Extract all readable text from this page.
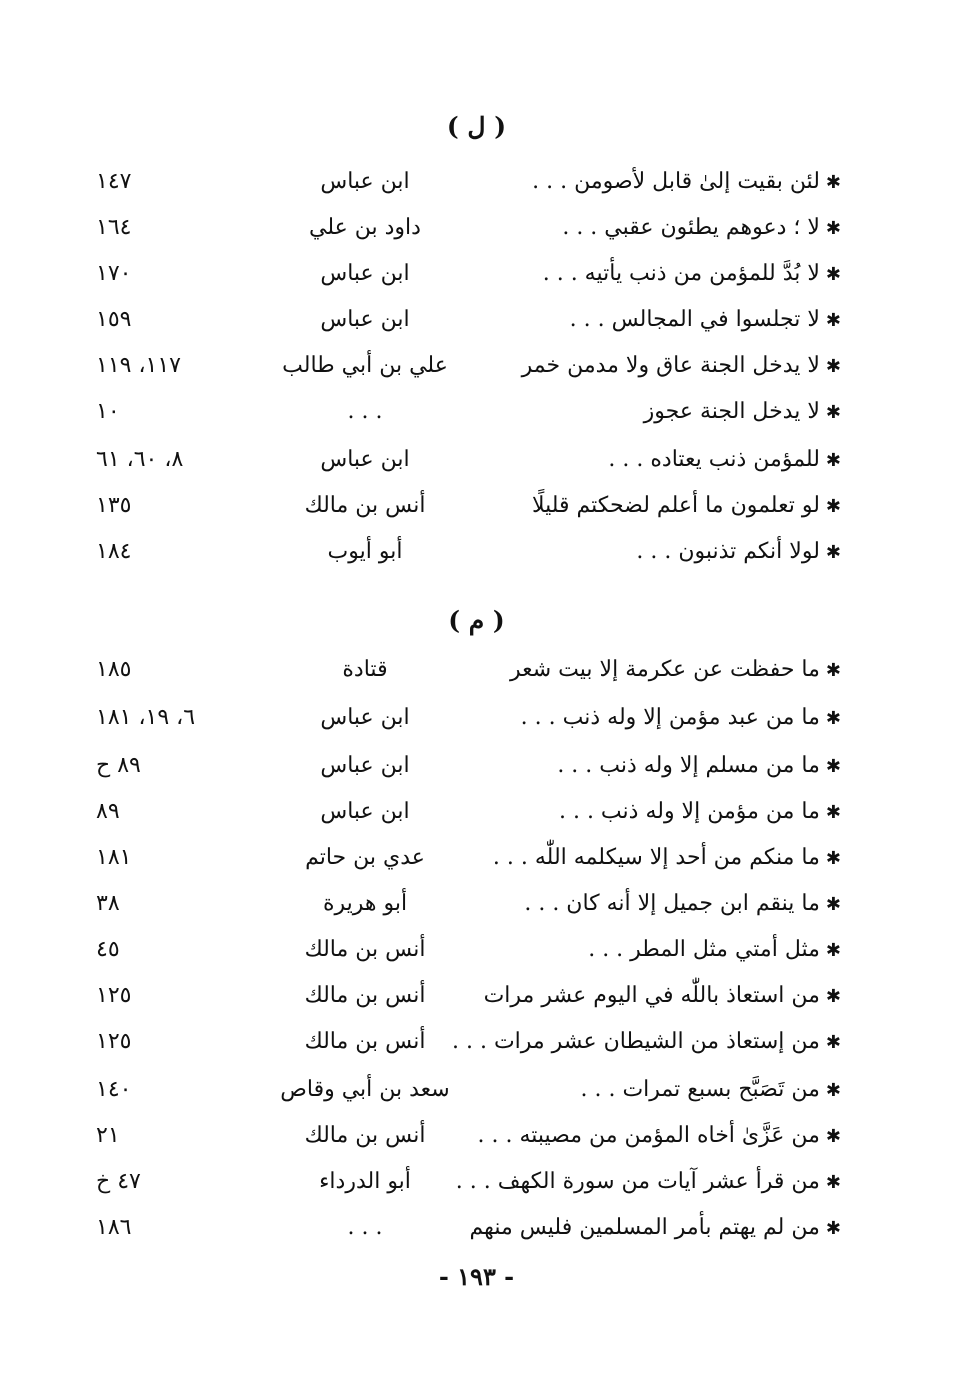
( ل )
✱لئن بقيت إلىٰ قابل لأصومن . . .
ابن عباس
١٤٧
✱لا ؛ دعوهم يطئون عقبي . . .
داود بن علي
١٦٤
✱لا بُدَّ للمؤمن من ذنب يأتيه . . .
ابن عباس
١٧٠
✱لا تجلسوا في المجالس . . .
ابن عباس
١٥٩
✱لا يدخل الجنة عاق ولا مدمن خمر
علي بن أبي طالب
١١٧، ١١٩
✱لا يدخل الجنة عجوز
. . .
١٠
✱للمؤمن ذنب يعتاده . . .
ابن عباس
٨، ٦٠، ٦١
✱لو تعلمون ما أعلم لضحكتم قليلًا
أنس بن مالك
١٣٥
✱لولا أنكم تذنبون . . .
أبو أيوب
١٨٤
( م )
✱ما حفظت عن عكرمة إلا بيت شعر
قتادة
١٨٥
✱ما من عبد مؤمن إلا وله ذنب . . .
ابن عباس
٦، ١٩، ١٨١
✱ما من مسلم إلا وله ذنب . . .
ابن عباس
٨٩ ح
✱ما من مؤمن إلا وله ذنب . . .
ابن عباس
٨٩
✱ما منكم من أحد إلا سيكلمه اللّٰه . . .
عدي بن حاتم
١٨١
✱ما ينقم ابن جميل إلا أنه كان . . .
أبو هريرة
٣٨
✱مثل أمتي مثل المطر . . .
أنس بن مالك
٤٥
✱من استعاذ باللّٰه في اليوم عشر مرات
أنس بن مالك
١٢٥
✱من إستعاذ من الشيطان عشر مرات . . .
أنس بن مالك
١٢٥
✱من تَصَبَّح بسبع تمرات . . .
سعد بن أبي وقاص
١٤٠
✱من عَزَّىٰ أخاه المؤمن من مصيبته . . .
أنس بن مالك
٢١
✱من قرأ عشر آيات من سورة الكهف . . .
أبو الدرداء
٤٧ خ
✱من لم يهتم بأمر المسلمين فليس منهم
. . .
١٨٦
- ١٩٣ -
